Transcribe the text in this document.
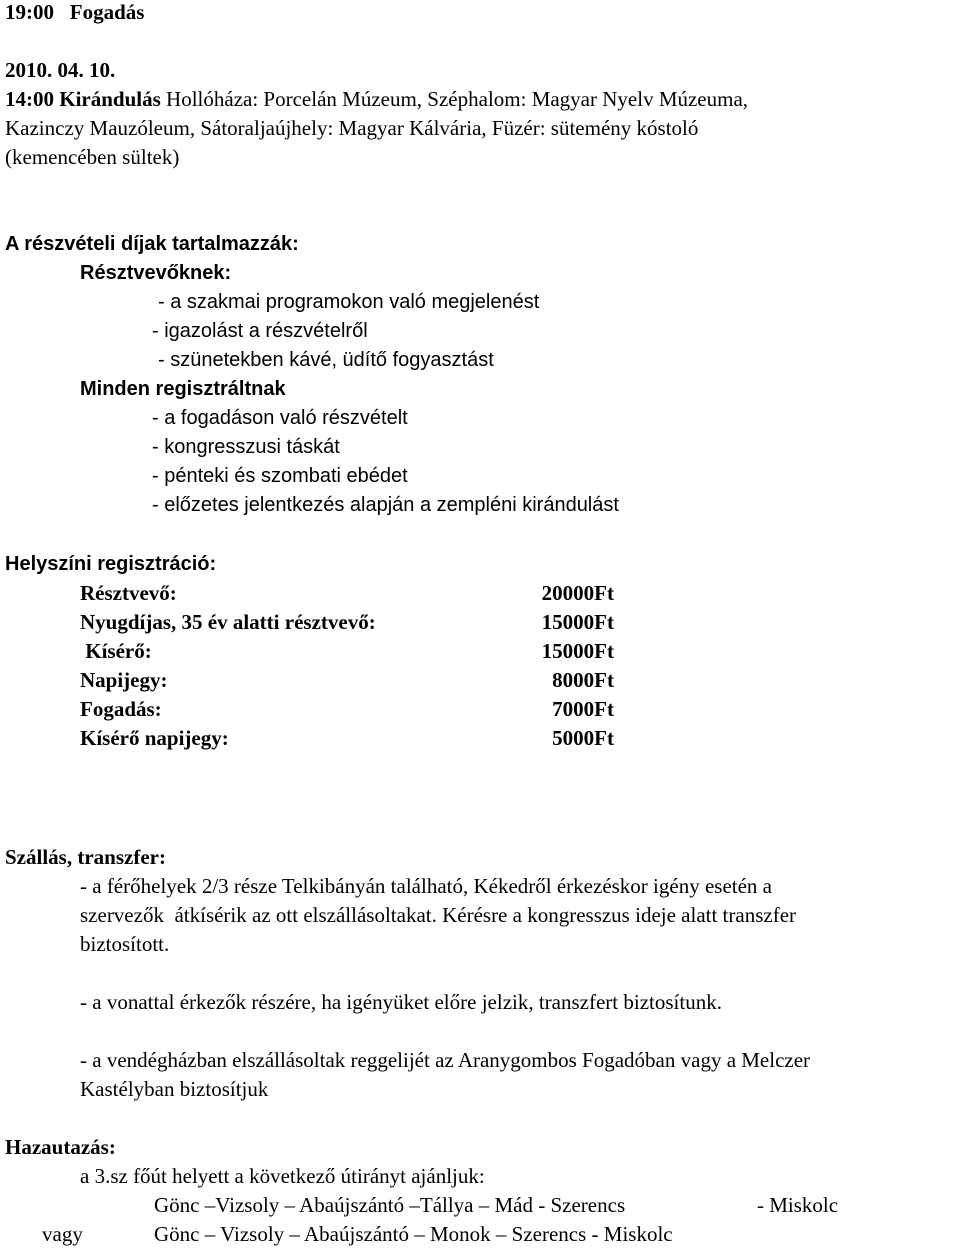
19:00 Fogadás
2010. 04. 10.
14:00 Kirándulás Hollóháza: Porcelán Múzeum, Széphalom: Magyar Nyelv Múzeuma,
Kazinczy Mauzóleum, Sátoraljaújhely: Magyar Kálvária, Füzér: sütemény kóstoló
(kemencében sültek)
A részvételi díjak tartalmazzák:
Résztvevőknek:
- a szakmai programokon való megjelenést
- igazolást a részvételről
- szünetekben kávé, üdítő fogyasztást
Minden regisztráltnak
- a fogadáson való részvételt
- kongresszusi táskát
- pénteki és szombati ebédet
- előzetes jelentkezés alapján a zempléni kirándulást
Helyszíni regisztráció:
Résztvevő:	20000Ft
Nyugdíjas, 35 év alatti résztvevő:	15000Ft
Kísérő:	15000Ft
Napijegy:	8000Ft
Fogadás:	7000Ft
Kísérő napijegy:	5000Ft
Szállás, transzfer:
- a férőhelyek 2/3 része Telkibányán található, Kékedről érkezéskor igény esetén a
szervezők  átkísérik az ott elszállásoltakat. Kérésre a kongresszus ideje alatt transzfer
biztosított.
- a vonattal érkezők részére, ha igényüket előre jelzik, transzfert biztosítunk.
- a vendégházban elszállásoltak reggelijét az Aranygombos Fogadóban vagy a Melczer
Kastélyban biztosítjuk
Hazautazás:
a 3.sz főút helyett a következő útirányt ajánljuk:
Gönc –Vizsoly – Abaújszántó –Tállya – Mád - Szerencs	- Miskolc
vagy	Gönc – Vizsoly – Abaújszántó – Monok – Szerencs - Miskolc
